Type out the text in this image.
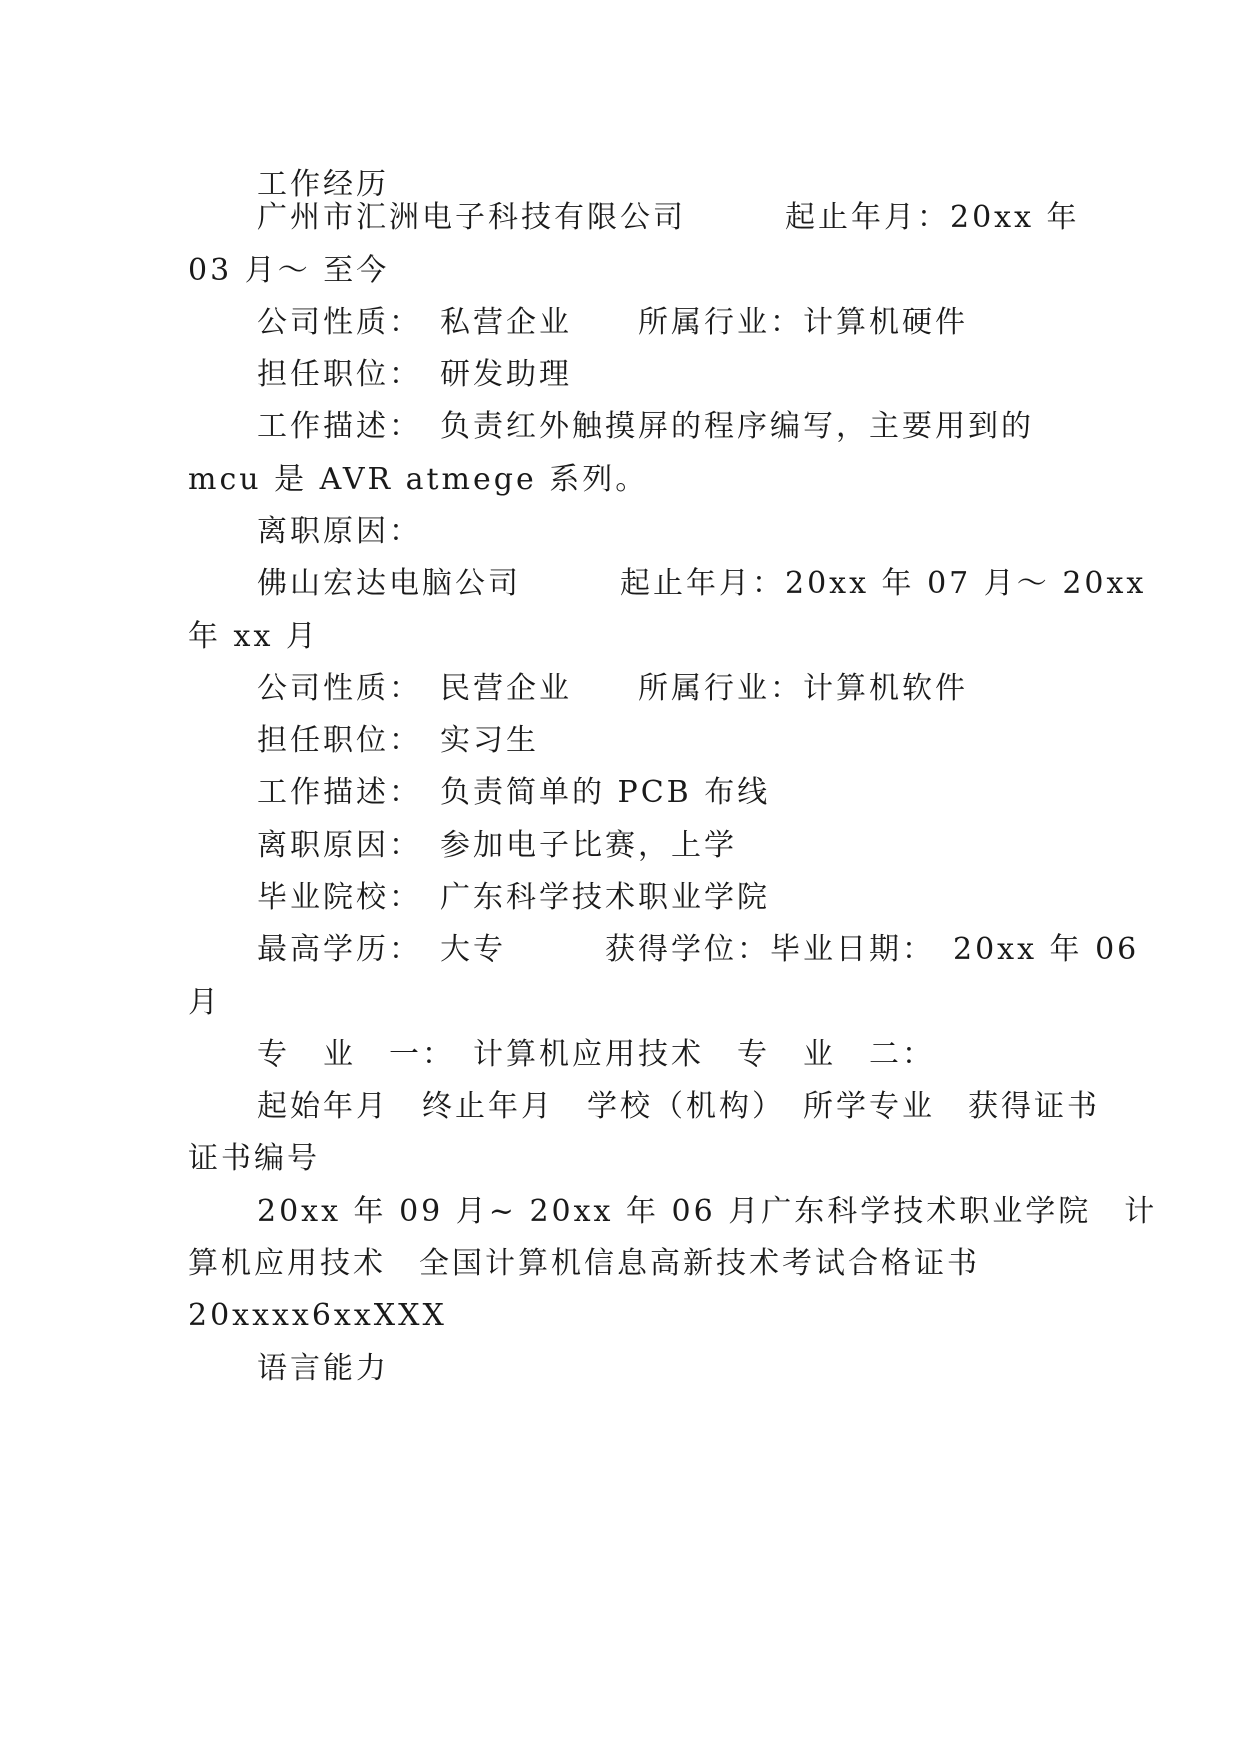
工作经历
广州市汇洲电子科技有限公司　　　起止年月：20xx 年
03 月～ 至今
公司性质：　私营企业　　所属行业：计算机硬件
担任职位：　研发助理
工作描述：　负责红外触摸屏的程序编写，主要用到的
mcu 是 AVR atmege 系列。
离职原因：
佛山宏达电脑公司　　　起止年月：20xx 年 07 月～ 20xx
年 xx 月
公司性质：　民营企业　　所属行业：计算机软件
担任职位：　实习生
工作描述：　负责简单的 PCB 布线
离职原因：　参加电子比赛，上学
毕业院校：　广东科学技术职业学院
最高学历：　大专　　　获得学位：毕业日期：　20xx 年 06
月
专　业　一：　计算机应用技术　专　业　二：
起始年月　终止年月　学校（机构）　所学专业　获得证书
证书编号
20xx 年 09 月~ 20xx 年 06 月广东科学技术职业学院　计
算机应用技术　全国计算机信息高新技术考试合格证书
20xxxx6xxXXX
语言能力
